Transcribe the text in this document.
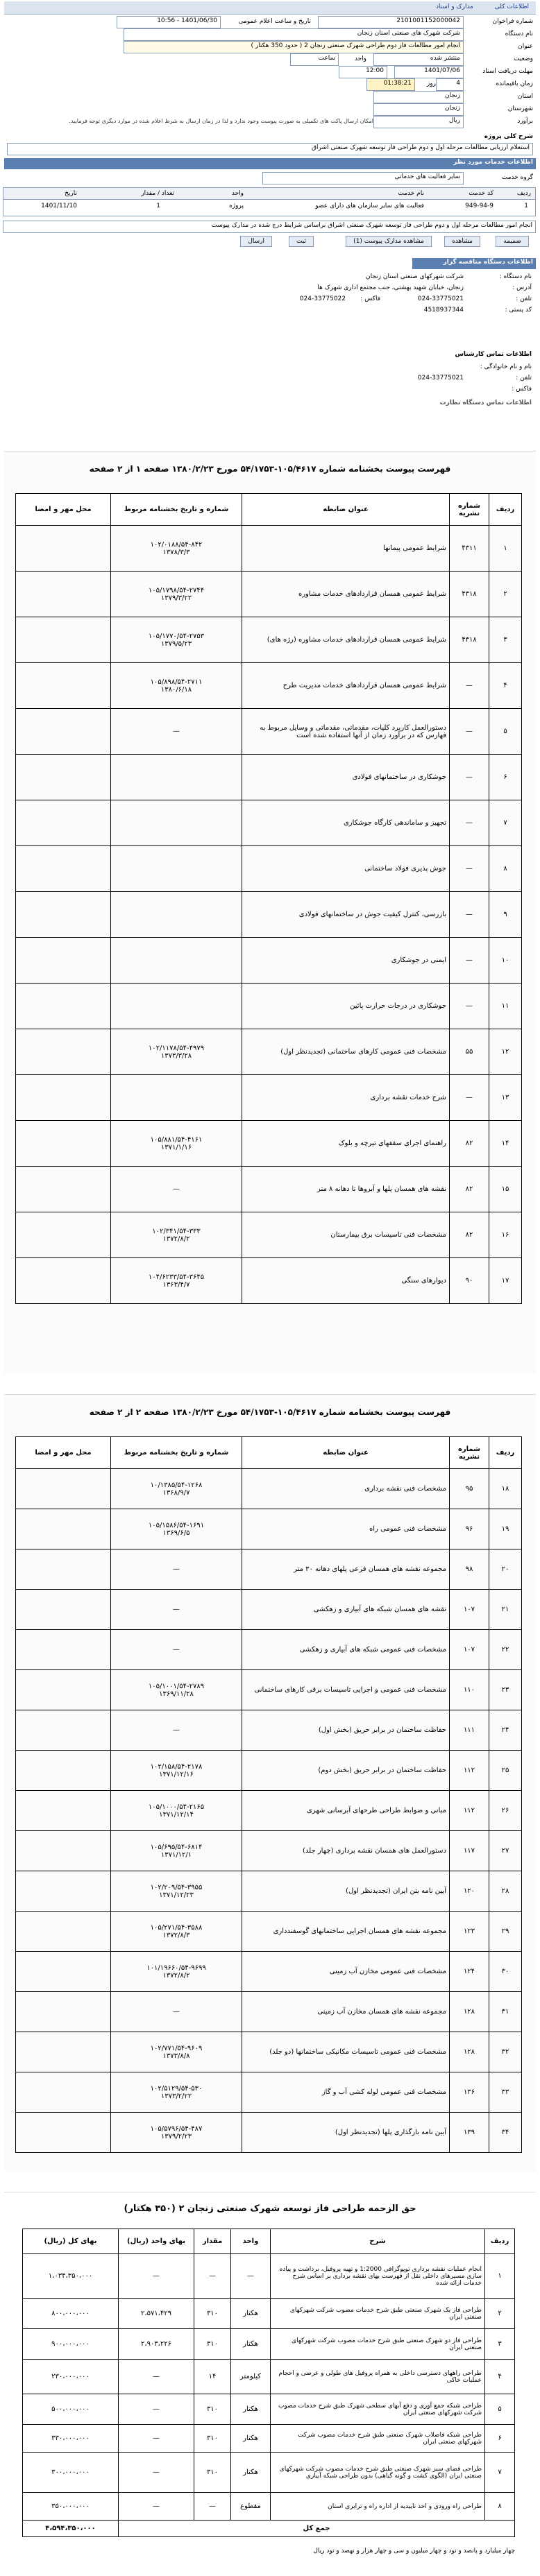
اطلاعات کلی
مدارک و اسناد
شماره فراخوان
2101001152000042
تاریخ و ساعت اعلام عمومی
1401/06/30 - 10:56
نام دستگاه
شرکت شهرک های صنعتی استان زنجان
عنوان
انجام امور مطالعات فاز دوم طراحی شهرک صنعتی زنجان 2 ( حدود 350 هکتار )
وضعیت
منتشر شده
واحد
ساعت
مهلت دریافت اسناد
1401/07/06
12:00
زمان باقیمانده
4
روز
01:38:21
استان
زنجان
شهرستان
زنجان
برآورد
ریال
امکان ارسال پاکت های تکمیلی به صورت پیوست وجود ندارد و لذا در زمان ارسال به شرط اعلام شده در موارد دیگری توجه فرمایید.
شرح کلی پروژه
استعلام ارزیابی مطالعات مرحله اول و دوم طراحی فاز توسعه شهرک صنعتی اشراق
اطلاعات خدمات مورد نظر
گروه خدمت
سایر فعالیت های خدماتی
ردیف
کد خدمت
نام خدمت
واحد
تعداد / مقدار
تاریخ
1
949-94-9
فعالیت های سایر سازمان های دارای عضو
پروژه
1
1401/11/10
انجام امور مطالعات مرحله اول و دوم طراحی فاز توسعه شهرک صنعتی اشراق براساس شرایط درج شده در مدارک پیوست
ضمیمه
مشاهده
مشاهده مدارک پیوست (1)
ثبت
ارسال
اطلاعات دستگاه مناقصه گزار
نام دستگاه :
شرکت شهرکهای صنعتی استان زنجان
آدرس :
زنجان، خیابان شهید بهشتی، جنب مجتمع اداری شهرک ها
تلفن :
024-33775021
فاکس :
024-33775022
کد پستی :
4518937344
اطلاعات تماس کارشناس
نام و نام خانوادگی :
تلفن :
024-33775021
فاکس :
اطلاعات تماس دستگاه نظارت
فهرست پیوست بخشنامه شماره ۱۰۵/۴۶۱۷-۵۴/۱۷۵۳ مورخ ۱۳۸۰/۲/۲۳ صفحه ۱ از ۲ صفحه
ردیف	شماره نشریه	عنوان ضابطه	شماره و تاریخ بخشنامه مربوط	محل مهر و امضا
۱	۴۳۱۱	شرایط عمومی پیمانها	۱۰۲/۰۱۸۸/۵۴-۸۴۲
۱۳۷۸/۳/۳	
۲	۴۳۱۸	شرایط عمومی همسان قراردادهای خدمات مشاوره	۱۰۵/۱۷۹۸/۵۴-۲۷۴۴
۱۳۷۹/۳/۲۲	
۳	۴۳۱۸	شرایط عمومی همسان قراردادهای خدمات مشاوره (رژه های)	۱۰۵/۱۷۷۰/۵۴-۲۷۵۳
۱۳۷۹/۵/۲۳	
۴	—	شرایط عمومی همسان قراردادهای خدمات مدیریت طرح	۱۰۵/۸۹۸/۵۴-۲۷۱۱
۱۳۸۰/۶/۱۸	
۵	—	دستورالعمل کاربرد کلیات، مقدماتی، مقدماتی و وسایل مربوط به فهارس که در برآورد زمان از آنها استفاده شده است	—	
۶	—	جوشکاری در ساختمانهای فولادی		
۷	—	تجهیز و ساماندهی کارگاه جوشکاری		
۸	—	جوش پذیری فولاد ساختمانی		
۹	—	بازرسی، کنترل کیفیت جوش در ساختمانهای فولادی		
۱۰	—	ایمنی در جوشکاری		
۱۱	—	جوشکاری در درجات حرارت پائین		
۱۲	۵۵	مشخصات فنی عمومی کارهای ساختمانی (تجدیدنظر اول)	۱۰۲/۱۱۷۸/۵۴-۴۹۷۹
۱۳۷۳/۳/۲۸	
۱۳	—	شرح خدمات نقشه برداری		
۱۴	۸۲	راهنمای اجرای سقفهای تیرچه و بلوک	۱۰۵/۸۸۱/۵۴-۴۱۶۱
۱۳۷۱/۱/۱۶	
۱۵	۸۲	نقشه های همسان پلها و آبروها تا دهانه ۸ متر	—	
۱۶	۸۲	مشخصات فنی تاسیسات برق بیمارستان	۱۰۲/۳۴۱/۵۴-۳۳۳
۱۳۷۲/۸/۲	
۱۷	۹۰	دیوارهای سنگی	۱۰۴/۶۲۳۳/۵۴-۳۶۴۵
۱۳۶۳/۴/۷	
فهرست پیوست بخشنامه شماره ۱۰۵/۴۶۱۷-۵۴/۱۷۵۳ مورخ ۱۳۸۰/۲/۲۳ صفحه ۲ از ۲ صفحه
ردیف	شماره نشریه	عنوان ضابطه	شماره و تاریخ بخشنامه مربوط	محل مهر و امضا
۱۸	۹۵	مشخصات فنی نقشه برداری	۱۰/۱۳۸۵/۵۴-۱۲۶۸
۱۳۶۸/۹/۷	
۱۹	۹۶	مشخصات فنی عمومی راه	۱۰۵/۱۵۸۶/۵۴-۱۶۹۱
۱۳۶۹/۶/۵	
۲۰	۹۸	مجموعه نقشه های همسان فرعی پلهای دهانه ۳۰ متر	—	
۲۱	۱۰۷	نقشه های همسان شبکه های آبیاری و زهکشی	—	
۲۲	۱۰۷	مشخصات فنی عمومی شبکه های آبیاری و زهکشی	—	
۲۳	۱۱۰	مشخصات فنی عمومی و اجرایی تاسیسات برقی کارهای ساختمانی	۱۰۵/۱۰۰۱/۵۴-۲۷۸۹
۱۳۶۹/۱۱/۲۸	
۲۴	۱۱۱	حفاظت ساختمان در برابر حریق (بخش اول)	—	
۲۵	۱۱۲	حفاظت ساختمان در برابر حریق (بخش دوم)	۱۰۲/۱۵۸/۵۴-۲۱۷۸
۱۳۷۱/۱۲/۱۶	
۲۶	۱۱۲	مبانی و ضوابط طراحی طرحهای آبرسانی شهری	۱۰۵/۱۰۰۰/۵۴-۲۱۶۵
۱۳۷۱/۱۲/۱۴	
۲۷	۱۱۷	دستورالعمل های همسان نقشه برداری (چهار جلد)	۱۰۵/۶۹۵/۵۴-۶۸۱۴
۱۳۷۱/۱۲/۱	
۲۸	۱۲۰	آیین نامه بتن ایران (تجدیدنظر اول)	۱۰۲/۲۰۹/۵۴-۳۹۵۵
۱۳۷۱/۱۲/۲۳	
۲۹	۱۲۳	مجموعه نقشه های همسان اجرایی ساختمانهای گوسفندداری	۱۰۵/۲۷۱/۵۴-۳۵۸۸
۱۳۷۲/۸/۳	
۳۰	۱۲۴	مشخصات فنی عمومی مخازن آب زمینی	۱۰۱/۱۹۶۶۰/۵۴-۹۶۹۹
۱۳۷۲/۸/۲	
۳۱	۱۲۸	مجموعه نقشه های همسان مخازن آب زمینی	—	
۳۲	۱۲۸	مشخصات فنی عمومی تاسیسات مکانیکی ساختمانها (دو جلد)	۱۰۲/۷۷۱/۵۴-۹۶۰۹
۱۳۷۳/۸/۸	
۳۳	۱۳۶	مشخصات فنی عمومی لوله کشی آب و گاز	۱۰۲/۵۱۲۹/۵۴-۵۳۰
۱۳۷۳/۲/۲۲	
۳۴	۱۳۹	آیین نامه بارگذاری پلها (تجدیدنظر اول)	۱۰۵/۵۷۹۶/۵۴-۴۸۷
۱۳۷۹/۲/۲۳	
حق الزحمه طراحی فاز توسعه شهرک صنعتی زنجان ۲ (۳۵۰ هکتار)
ردیف	شرح	واحد	مقدار	بهای واحد (ریال)	بهای کل (ریال)
۱	انجام عملیات نقشه برداری توپوگرافی 1:2000 و تهیه پروفیل، برداشت و پیاده سازی مسیرهای داخلی نقل از فهرست بهای نقشه برداری بر اساس شرح خدمات ارائه شده	—	—	—	۱،۰۳۴،۳۵۰،۰۰۰
۲	طراحی فاز یک شهرک صنعتی طبق شرح خدمات مصوب شرکت شهرکهای صنعتی ایران	هکتار	۳۱۰	۲،۵۷۱،۴۲۹	۸۰۰،۰۰۰،۰۰۰
۳	طراحی فاز دو شهرک صنعتی طبق شرح خدمات مصوب شرکت شهرکهای صنعتی ایران	هکتار	۳۱۰	۲،۹۰۳،۲۲۶	۹۰۰،۰۰۰،۰۰۰
۴	طراحی راههای دسترسی داخلی به همراه پروفیل های طولی و عرضی و احجام عملیات خاکی	کیلومتر	۱۴	—	۲۳۰،۰۰۰،۰۰۰
۵	طراحی شبکه جمع آوری و دفع آبهای سطحی شهرک طبق شرح خدمات مصوب شرکت شهرکهای صنعتی ایران	هکتار	۳۱۰	—	۵۰۰،۰۰۰،۰۰۰
۶	طراحی شبکه فاضلاب شهرک صنعتی طبق شرح خدمات مصوب شرکت شهرکهای صنعتی ایران	هکتار	۳۱۰	—	۳۳۰،۰۰۰،۰۰۰
۷	طراحی فضای سبز شهرک صنعتی طبق شرح خدمات مصوب شرکت شهرکهای صنعتی ایران (الگوی کشت و گونه گیاهی) بدون طراحی شبکه آبیاری	هکتار	۳۱۰	—	۳۰۰،۰۰۰،۰۰۰
۸	طراحی راه ورودی و اخذ تاییدیه از اداره راه و ترابری استان	مقطوع	—	—	۳۵۰،۰۰۰،۰۰۰
جمع کل					۴،۵۹۴،۳۵۰،۰۰۰
چهار میلیارد و پانصد و نود و چهار میلیون و سی و چهار هزار و نهصد و نود ریال
